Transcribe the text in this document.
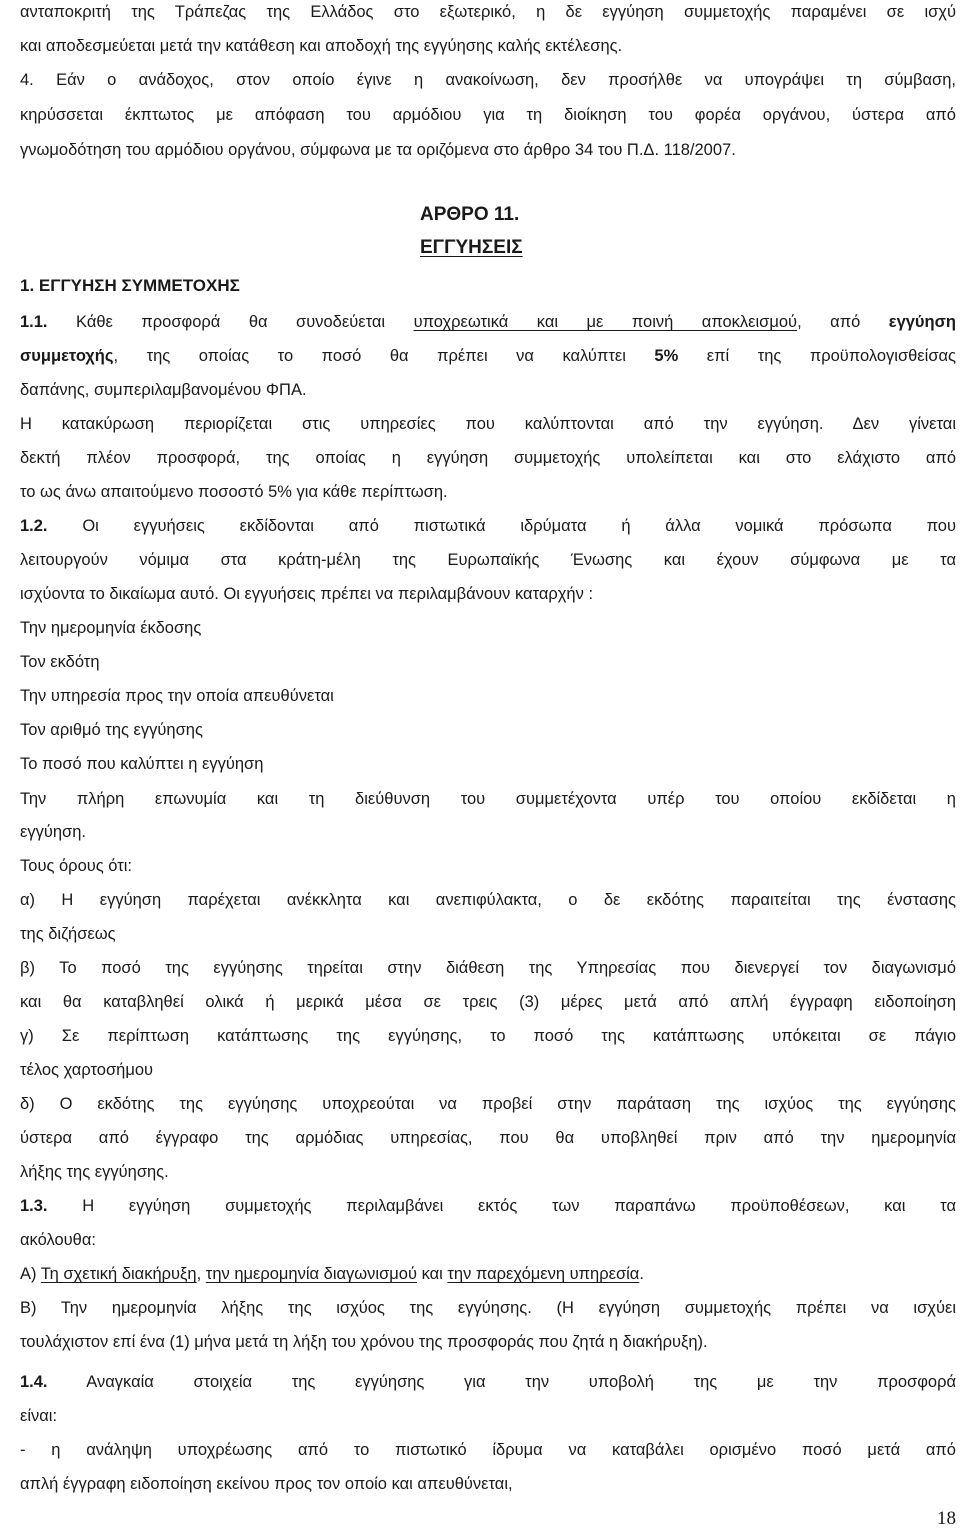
ανταποκριτή της Τράπεζας της Ελλάδος στο εξωτερικό, η δε εγγύηση συμμετοχής παραμένει σε ισχύ
και αποδεσμεύεται μετά την κατάθεση και αποδοχή της εγγύησης καλής εκτέλεσης.
4. Εάν ο ανάδοχος, στον οποίο έγινε η ανακοίνωση, δεν προσήλθε να υπογράψει τη σύμβαση,
κηρύσσεται έκπτωτος με απόφαση του αρμόδιου για τη διοίκηση του φορέα οργάνου, ύστερα από
γνωμοδότηση του αρμόδιου οργάνου, σύμφωνα με τα οριζόμενα στο άρθρο 34 του Π.Δ. 118/2007.
ΑΡΘΡΟ 11.
ΕΓΓΥΗΣΕΙΣ
1. ΕΓΓΥΗΣΗ ΣΥΜΜΕΤΟΧΗΣ
1.1. Κάθε προσφορά θα συνοδεύεται υποχρεωτικά και με ποινή αποκλεισμού, από εγγύηση
συμμετοχής, της οποίας το ποσό θα πρέπει να καλύπτει 5% επί της προϋπολογισθείσας
δαπάνης, συμπεριλαμβανομένου ΦΠΑ.
Η κατακύρωση περιορίζεται στις υπηρεσίες που καλύπτονται από την εγγύηση. Δεν γίνεται
δεκτή πλέον προσφορά, της οποίας η εγγύηση συμμετοχής υπολείπεται και στο ελάχιστο από
το ως άνω απαιτούμενο ποσοστό 5% για κάθε περίπτωση.
1.2. Οι εγγυήσεις εκδίδονται από πιστωτικά ιδρύματα ή άλλα νομικά πρόσωπα που
λειτουργούν νόμιμα στα κράτη-μέλη της Ευρωπαϊκής Ένωσης και έχουν σύμφωνα με τα
ισχύοντα το δικαίωμα αυτό. Οι εγγυήσεις πρέπει να περιλαμβάνουν καταρχήν :
Την ημερομηνία έκδοσης
Τον εκδότη
Την υπηρεσία προς την οποία απευθύνεται
Τον αριθμό της εγγύησης
Το ποσό που καλύπτει η εγγύηση
Την πλήρη επωνυμία και τη διεύθυνση του συμμετέχοντα υπέρ του οποίου εκδίδεται η
εγγύηση.
Τους όρους ότι:
α) Η εγγύηση παρέχεται ανέκκλητα και ανεπιφύλακτα, ο δε εκδότης παραιτείται της ένστασης
της διζήσεως
β) Το ποσό της εγγύησης τηρείται στην διάθεση της Υπηρεσίας που διενεργεί τον διαγωνισμό
και θα καταβληθεί ολικά ή μερικά μέσα σε τρεις (3) μέρες μετά από απλή έγγραφη ειδοποίηση
γ) Σε περίπτωση κατάπτωσης της εγγύησης, το ποσό της κατάπτωσης υπόκειται σε πάγιο
τέλος χαρτοσήμου
δ) Ο εκδότης της εγγύησης υποχρεούται να προβεί στην παράταση της ισχύος της εγγύησης
ύστερα από έγγραφο της αρμόδιας υπηρεσίας, που θα υποβληθεί πριν από την ημερομηνία
λήξης της εγγύησης.
1.3. Η εγγύηση συμμετοχής περιλαμβάνει εκτός των παραπάνω προϋποθέσεων, και τα
ακόλουθα:
Α) Τη σχετική διακήρυξη, την ημερομηνία διαγωνισμού και την παρεχόμενη υπηρεσία.
Β) Την ημερομηνία λήξης της ισχύος της εγγύησης. (Η εγγύηση συμμετοχής πρέπει να ισχύει
τουλάχιστον επί ένα (1) μήνα μετά τη λήξη του χρόνου της προσφοράς που ζητά η διακήρυξη).
1.4. Αναγκαία στοιχεία της εγγύησης για την υποβολή της με την προσφορά
είναι:
- η ανάληψη υποχρέωσης από το πιστωτικό ίδρυμα να καταβάλει ορισμένο ποσό μετά από
απλή έγγραφη ειδοποίηση εκείνου προς τον οποίο και απευθύνεται,
18
